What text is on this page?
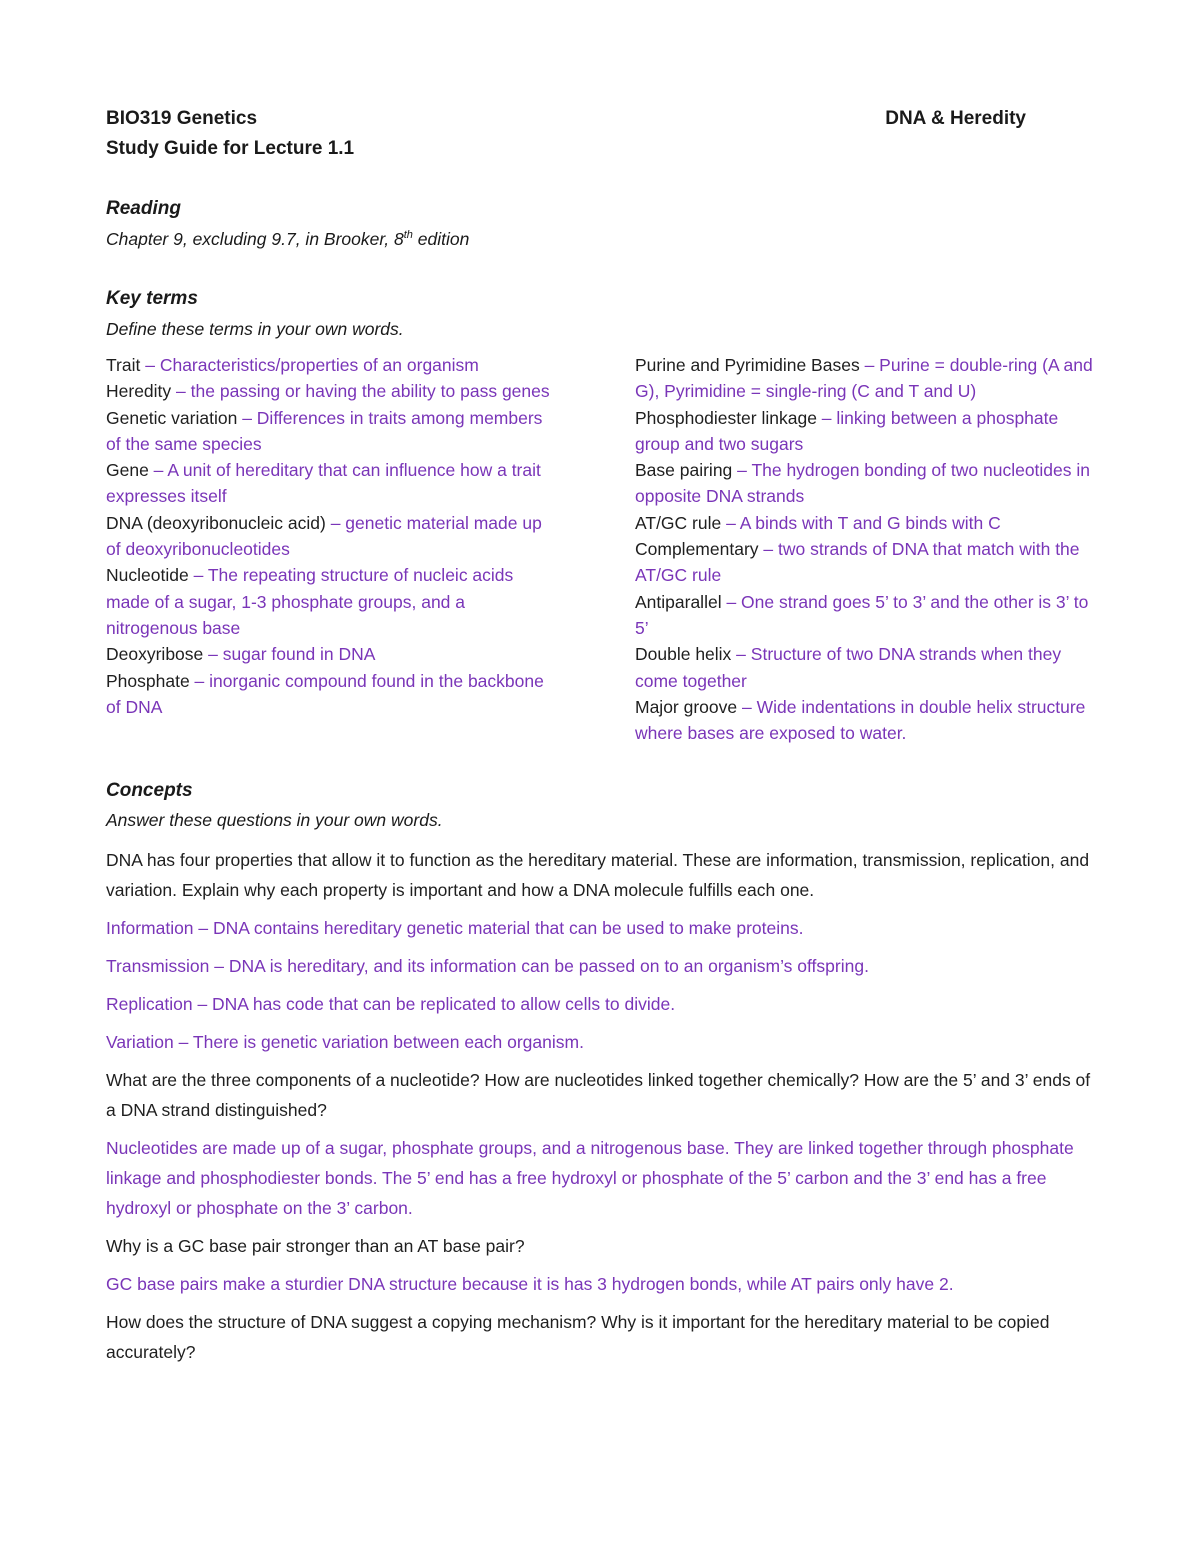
BIO319 Genetics	DNA & Heredity
Study Guide for Lecture 1.1
Reading
Chapter 9, excluding 9.7, in Brooker, 8th edition
Key terms
Define these terms in your own words.
Trait – Characteristics/properties of an organism
Heredity – the passing or having the ability to pass genes
Genetic variation – Differences in traits among members of the same species
Gene – A unit of hereditary that can influence how a trait expresses itself
DNA (deoxyribonucleic acid) – genetic material made up of deoxyribonucleotides
Nucleotide – The repeating structure of nucleic acids made of a sugar, 1-3 phosphate groups, and a nitrogenous base
Deoxyribose – sugar found in DNA
Phosphate – inorganic compound found in the backbone of DNA
Purine and Pyrimidine Bases – Purine = double-ring (A and G), Pyrimidine = single-ring (C and T and U)
Phosphodiester linkage – linking between a phosphate group and two sugars
Base pairing – The hydrogen bonding of two nucleotides in opposite DNA strands
AT/GC rule – A binds with T and G binds with C
Complementary – two strands of DNA that match with the AT/GC rule
Antiparallel – One strand goes 5’ to 3’ and the other is 3’ to 5’
Double helix – Structure of two DNA strands when they come together
Major groove – Wide indentations in double helix structure where bases are exposed to water.
Concepts
Answer these questions in your own words.

DNA has four properties that allow it to function as the hereditary material. These are information, transmission, replication, and variation. Explain why each property is important and how a DNA molecule fulfills each one.

Information – DNA contains hereditary genetic material that can be used to make proteins.

Transmission – DNA is hereditary, and its information can be passed on to an organism’s offspring.

Replication – DNA has code that can be replicated to allow cells to divide.

Variation – There is genetic variation between each organism.

What are the three components of a nucleotide? How are nucleotides linked together chemically? How are the 5’ and 3’ ends of a DNA strand distinguished?

Nucleotides are made up of a sugar, phosphate groups, and a nitrogenous base. They are linked together through phosphate linkage and phosphodiester bonds. The 5’ end has a free hydroxyl or phosphate of the 5’ carbon and the 3’ end has a free hydroxyl or phosphate on the 3’ carbon.

Why is a GC base pair stronger than an AT base pair?

GC base pairs make a sturdier DNA structure because it is has 3 hydrogen bonds, while AT pairs only have 2.

How does the structure of DNA suggest a copying mechanism? Why is it important for the hereditary material to be copied accurately?
